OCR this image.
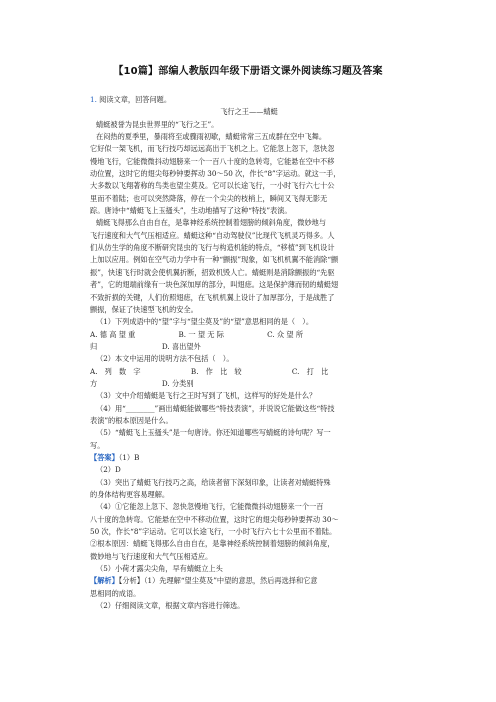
【10篇】部编人教版四年级下册语文课外阅读练习题及答案
1. 阅读文章，回答问题。
飞行之王——蜻蜓
蜻蜓被誉为昆虫世界里的“飞行之王”。
在闷热的夏季里，暴雨将至或骤雨初歇，蜻蜓常常三五成群在空中飞舞。
它好似一架飞机，而飞行技巧却远远高出于飞机之上。它能忽上忽下，忽快忽
慢地飞行，它能微微抖动翅膀来一个一百八十度的急转弯，它能悬在空中不移
动位置，这时它的翅尖每秒钟要挥动 30～50 次，作长“8”字运动。就这一手，
大多数以飞翔著称的鸟类也望尘莫及。它可以长途飞行，一小时飞行六七十公
里而不着陆；也可以突然降落，停在一个尖尖的枝梢上，瞬间又飞得无影无
踪。唐诗中“蜻蜓飞上玉搔头”，生动地描写了这种“特技”表演。
蜻蜓飞得那么自由自在，是靠神经系统控制着翅膀的倾斜角度，微妙地与
飞行速度和大气气压相适应。蜻蜓这种“自动驾驶仪”比现代飞机灵巧得多。人
们从仿生学的角度不断研究昆虫的飞行与构造机能的特点，“移植”到飞机设计
上加以应用。例如在空气动力学中有一种“颤振”现象，如飞机机翼不能消除“颤
振”，快速飞行时就会使机翼折断，招致机毁人亡。蜻蜓则是消除颤振的“先驱
者”，它的翅端前缘有一块色深加厚的部分，叫翅痣。这是保护薄而韧的蜻蜓翅
不致折损的关键，人们仿照翅痣，在飞机机翼上设计了加厚部分，于是战胜了
颤振，保证了快速型飞机的安全。
（1）下列成语中的“望”字与“望尘莫及”的“望”意思相同的是（　）。
A. 德 高 望 重　　　　　　B. 一 望 无 际　　　　　　C. 众 望 所
归　　　　　　　　　D. 喜出望外
（2）本文中运用的说明方法不包括（　）。
A.　列　数　字　　　　　　　B.　作　比　较　　　　　　　C.　打　比
方　　　　　　　　　D. 分类别
（3）文中介绍蜻蜓是飞行之王时写到了飞机，这样写的好处是什么？
（4）用“________”画出蜻蜓能做哪些“特技表演”，并说说它能做这些“特技
表演”的根本原因是什么。
（5）“蜻蜓飞上玉搔头”是一句唐诗。你还知道哪些写蜻蜓的诗句呢？写一
写。
【答案】（1）B
（2）D
（3）突出了蜻蜓飞行技巧之高，给读者留下深刻印象，让读者对蜻蜓特殊
的身体结构更容易理解。
（4）①它能忽上忽下、忽快忽慢地飞行，它能微微抖动翅膀来一个一百
八十度的急转弯。它能悬在空中不移动位置，这时它的翅尖每秒钟要挥动 30～
50 次，作长“8”字运动。它可以长途飞行，一小时飞行六七十公里而不着陆。
②根本原因：蜻蜓飞得那么自由自在，是靠神经系统控制着翅膀的倾斜角度，
微妙地与飞行速度和大气气压相适应。
（5）小荷才露尖尖角，早有蜻蜓立上头
【解析】【分析】（1）先理解“望尘莫及”中望的意思，然后再选择和它意
思相同的成语。
（2）仔细阅读文章，根据文章内容进行筛选。
